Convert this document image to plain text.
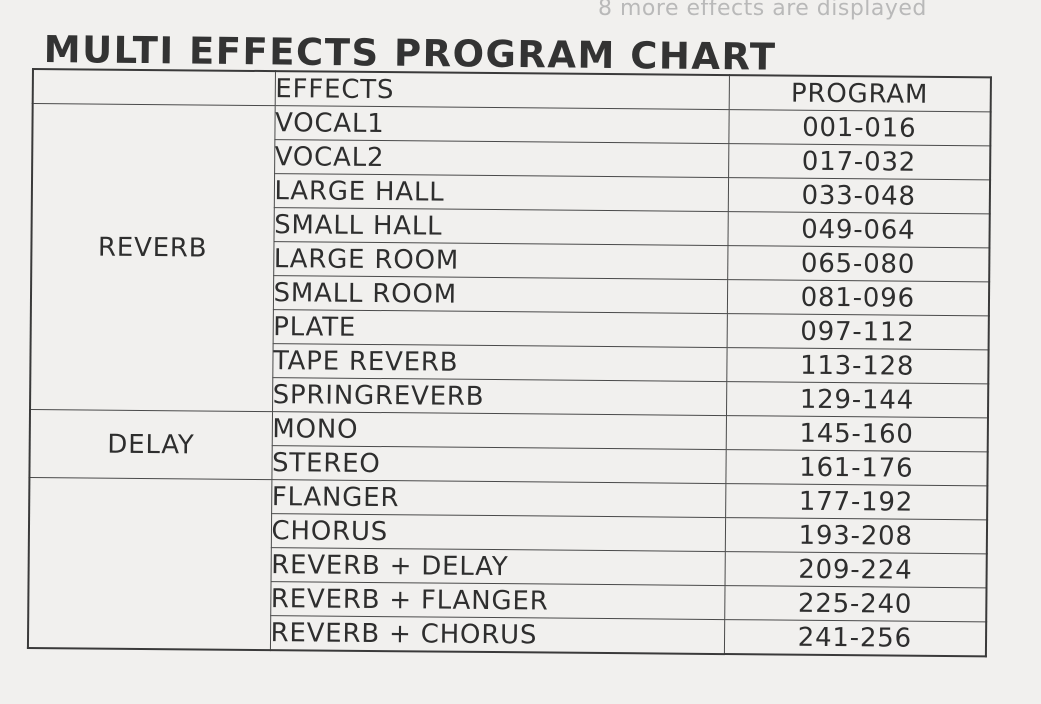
8 more effects are displayed
MULTI EFFECTS PROGRAM CHART
	EFFECTS	PROGRAM
REVERB	VOCAL1	001-016
	VOCAL2	017-032
	LARGE HALL	033-048
	SMALL HALL	049-064
	LARGE ROOM	065-080
	SMALL ROOM	081-096
	PLATE	097-112
	TAPE REVERB	113-128
	SPRINGREVERB	129-144
DELAY	MONO	145-160
	STEREO	161-176
	FLANGER	177-192
	CHORUS	193-208
	REVERB + DELAY	209-224
	REVERB + FLANGER	225-240
	REVERB + CHORUS	241-256
